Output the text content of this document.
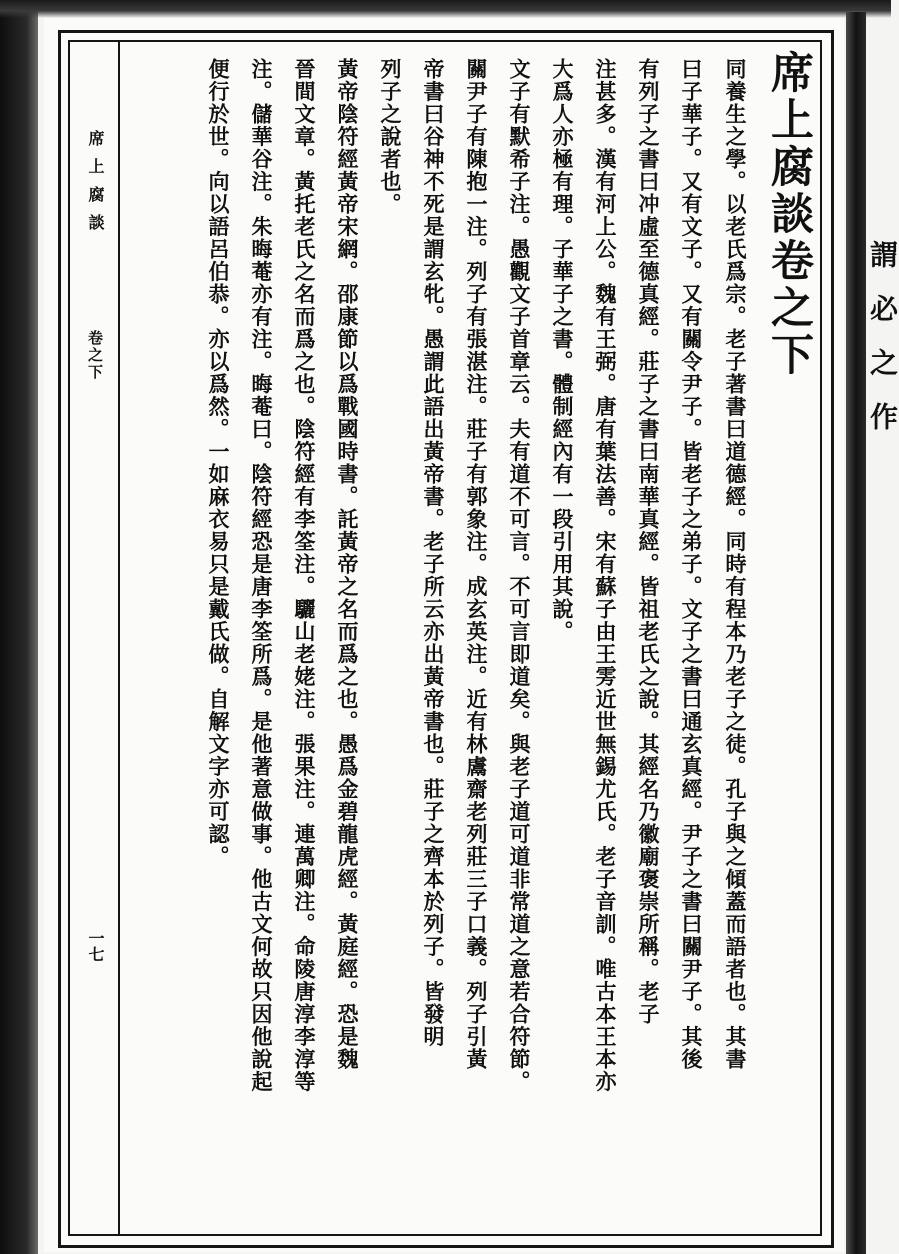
席上腐談
卷之下
一七
席上腐談卷之下
同養生之學。以老氏爲宗。老子著書曰道德經。同時有程本乃老子之徒。孔子與之傾蓋而語者也。其書
曰子華子。又有文子。又有關令尹子。皆老子之弟子。文子之書曰通玄真經。尹子之書曰關尹子。其後
有列子之書曰冲虛至德真經。莊子之書曰南華真經。皆祖老氏之說。其經名乃徽廟褒崇所稱。老子
注甚多。漢有河上公。魏有王弼。唐有葉法善。宋有蘇子由王雱近世無錫尤氏。老子音訓。唯古本王本亦
大爲人亦極有理。子華子之書。體制經內有一段引用其說。
文子有默希子注。愚觀文子首章云。夫有道不可言。不可言即道矣。與老子道可道非常道之意若合符節。
關尹子有陳抱一注。列子有張湛注。莊子有郭象注。成玄英注。近有林鬳齋老列莊三子口義。列子引黃
帝書曰谷神不死是謂玄牝。愚謂此語出黃帝書。老子所云亦出黃帝書也。莊子之齊本於列子。皆發明
列子之說者也。
黃帝陰符經黃帝宋網。邵康節以爲戰國時書。託黃帝之名而爲之也。愚爲金碧龍虎經。黃庭經。恐是魏
晉間文章。黃托老氏之名而爲之也。陰符經有李筌注。驪山老姥注。張果注。連萬卿注。命陵唐淳李淳等
注。儲華谷注。朱晦菴亦有注。晦菴曰。陰符經恐是唐李筌所爲。是他著意做事。他古文何故只因他說起
便行於世。向以語呂伯恭。亦以爲然。一如麻衣易只是戴氏做。自解文字亦可認。	謂必之作
